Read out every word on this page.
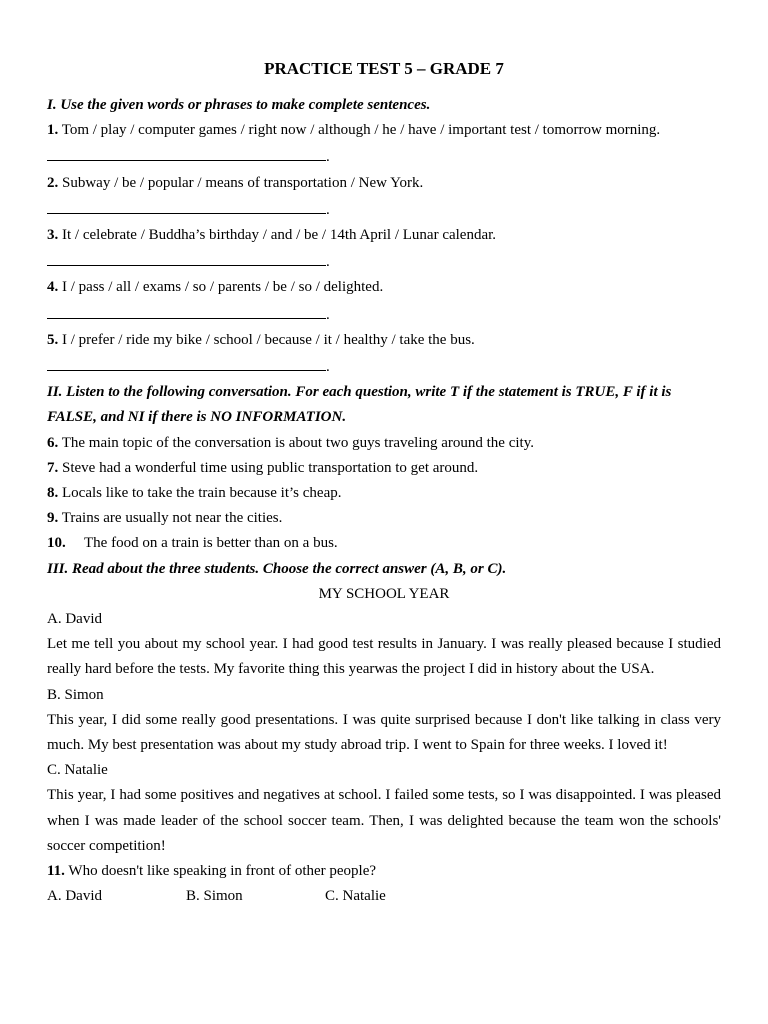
PRACTICE TEST 5 – GRADE 7
I. Use the given words or phrases to make complete sentences.
1. Tom / play / computer games / right now / although / he / have / important test / tomorrow morning.
.
2. Subway / be / popular / means of transportation / New York.
.
3. It / celebrate / Buddha’s birthday / and / be / 14th April / Lunar calendar.
.
4. I / pass / all / exams / so / parents / be / so / delighted.
.
5. I / prefer / ride my bike / school / because / it / healthy / take the bus.
.
II. Listen to the following conversation. For each question, write T if the statement is TRUE, F if it is
FALSE, and NI if there is NO INFORMATION.
6. The main topic of the conversation is about two guys traveling around the city.
7. Steve had a wonderful time using public transportation to get around.
8. Locals like to take the train because it’s cheap.
9. Trains are usually not near the cities.
10. The food on a train is better than on a bus.
III. Read about the three students. Choose the correct answer (A, B, or C).
MY SCHOOL YEAR
A. David
Let me tell you about my school year. I had good test results in January. I was really pleased because I studied really hard before the tests. My favorite thing this yearwas the project I did in history about the USA.
B. Simon
This year, I did some really good presentations. I was quite surprised because I don't like talking in class very much. My best presentation was about my study abroad trip. I went to Spain for three weeks. I loved it!
C. Natalie
This year, I had some positives and negatives at school. I failed some tests, so I was disappointed. I was pleased when I was made leader of the school soccer team. Then, I was delighted because the team won the schools' soccer competition!
11. Who doesn't like speaking in front of other people?
A. David	B. Simon	C. Natalie
